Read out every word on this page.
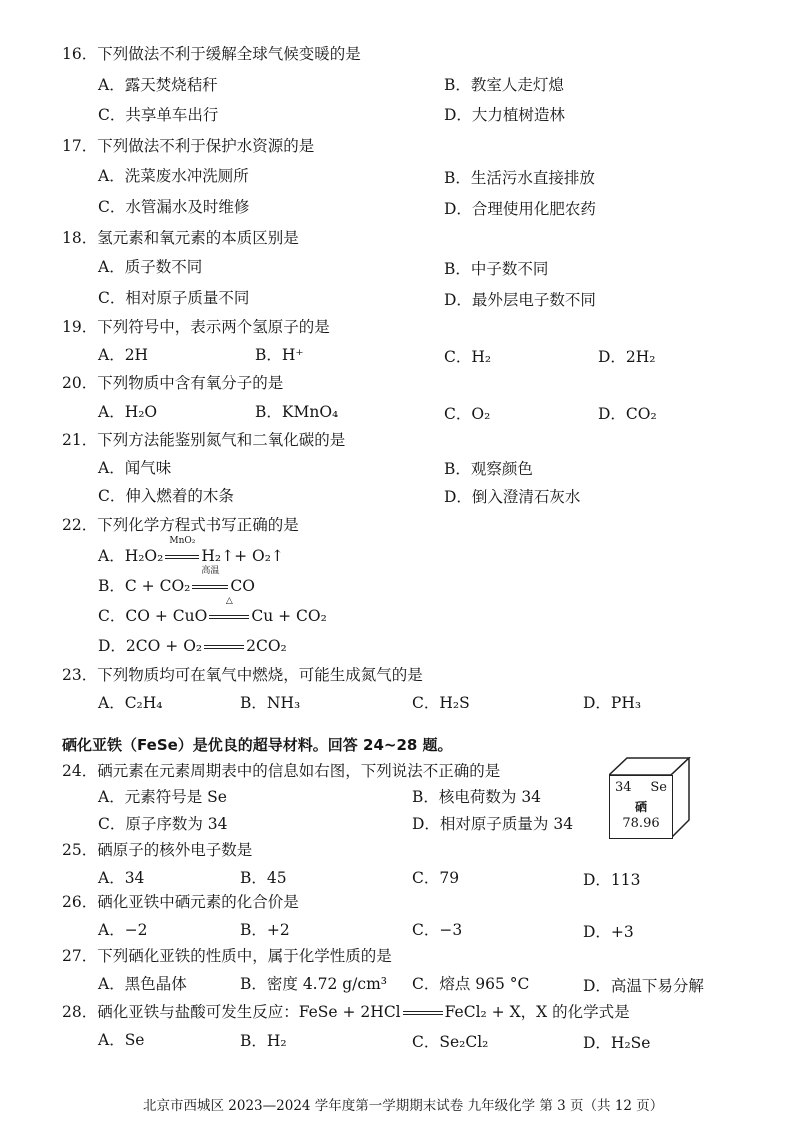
16．下列做法不利于缓解全球气候变暖的是
A．露天焚烧秸秆	B．教室人走灯熄
C．共享单车出行	D．大力植树造林
17．下列做法不利于保护水资源的是
A．洗菜废水冲洗厕所	B．生活污水直接排放
C．水管漏水及时维修	D．合理使用化肥农药
18．氢元素和氧元素的本质区别是
A．质子数不同	B．中子数不同
C．相对原子质量不同	D．最外层电子数不同
19．下列符号中，表示两个氢原子的是
A．2H	B．H⁺	C．H₂	D．2H₂
20．下列物质中含有氧分子的是
A．H₂O	B．KMnO₄	C．O₂	D．CO₂
21．下列方法能鉴别氮气和二氧化碳的是
A．闻气味	B．观察颜色
C．伸入燃着的木条	D．倒入澄清石灰水
22．下列化学方程式书写正确的是
A．H₂O₂
MnO₂
H₂↑+ O₂↑
B．C + CO₂
高温
CO
C．CO + CuO
△
Cu + CO₂
D．2CO + O₂	2CO₂
23．下列物质均可在氧气中燃烧，可能生成氮气的是
A．C₂H₄	B．NH₃	C．H₂S	D．PH₃
硒化亚铁（FeSe）是优良的超导材料。回答 24~28 题。
24．硒元素在元素周期表中的信息如右图，下列说法不正确的是
A．元素符号是 Se	B．核电荷数为 34
C．原子序数为 34	D．相对原子质量为 34
34 Se
硒
78.96
25．硒原子的核外电子数是
A．34	B．45	C．79	D．113
26．硒化亚铁中硒元素的化合价是
A．−2	B．+2	C．−3	D．+3
27．下列硒化亚铁的性质中，属于化学性质的是
A．黑色晶体	B．密度 4.72 g/cm³ C．熔点 965 °C	D．高温下易分解
28．硒化亚铁与盐酸可发生反应：FeSe + 2HCl	FeCl₂ + X，X 的化学式是
A．Se	B．H₂	C．Se₂Cl₂	D．H₂Se
北京市西城区 2023—2024 学年度第一学期期末试卷 九年级化学 第 3 页（共 12 页）
